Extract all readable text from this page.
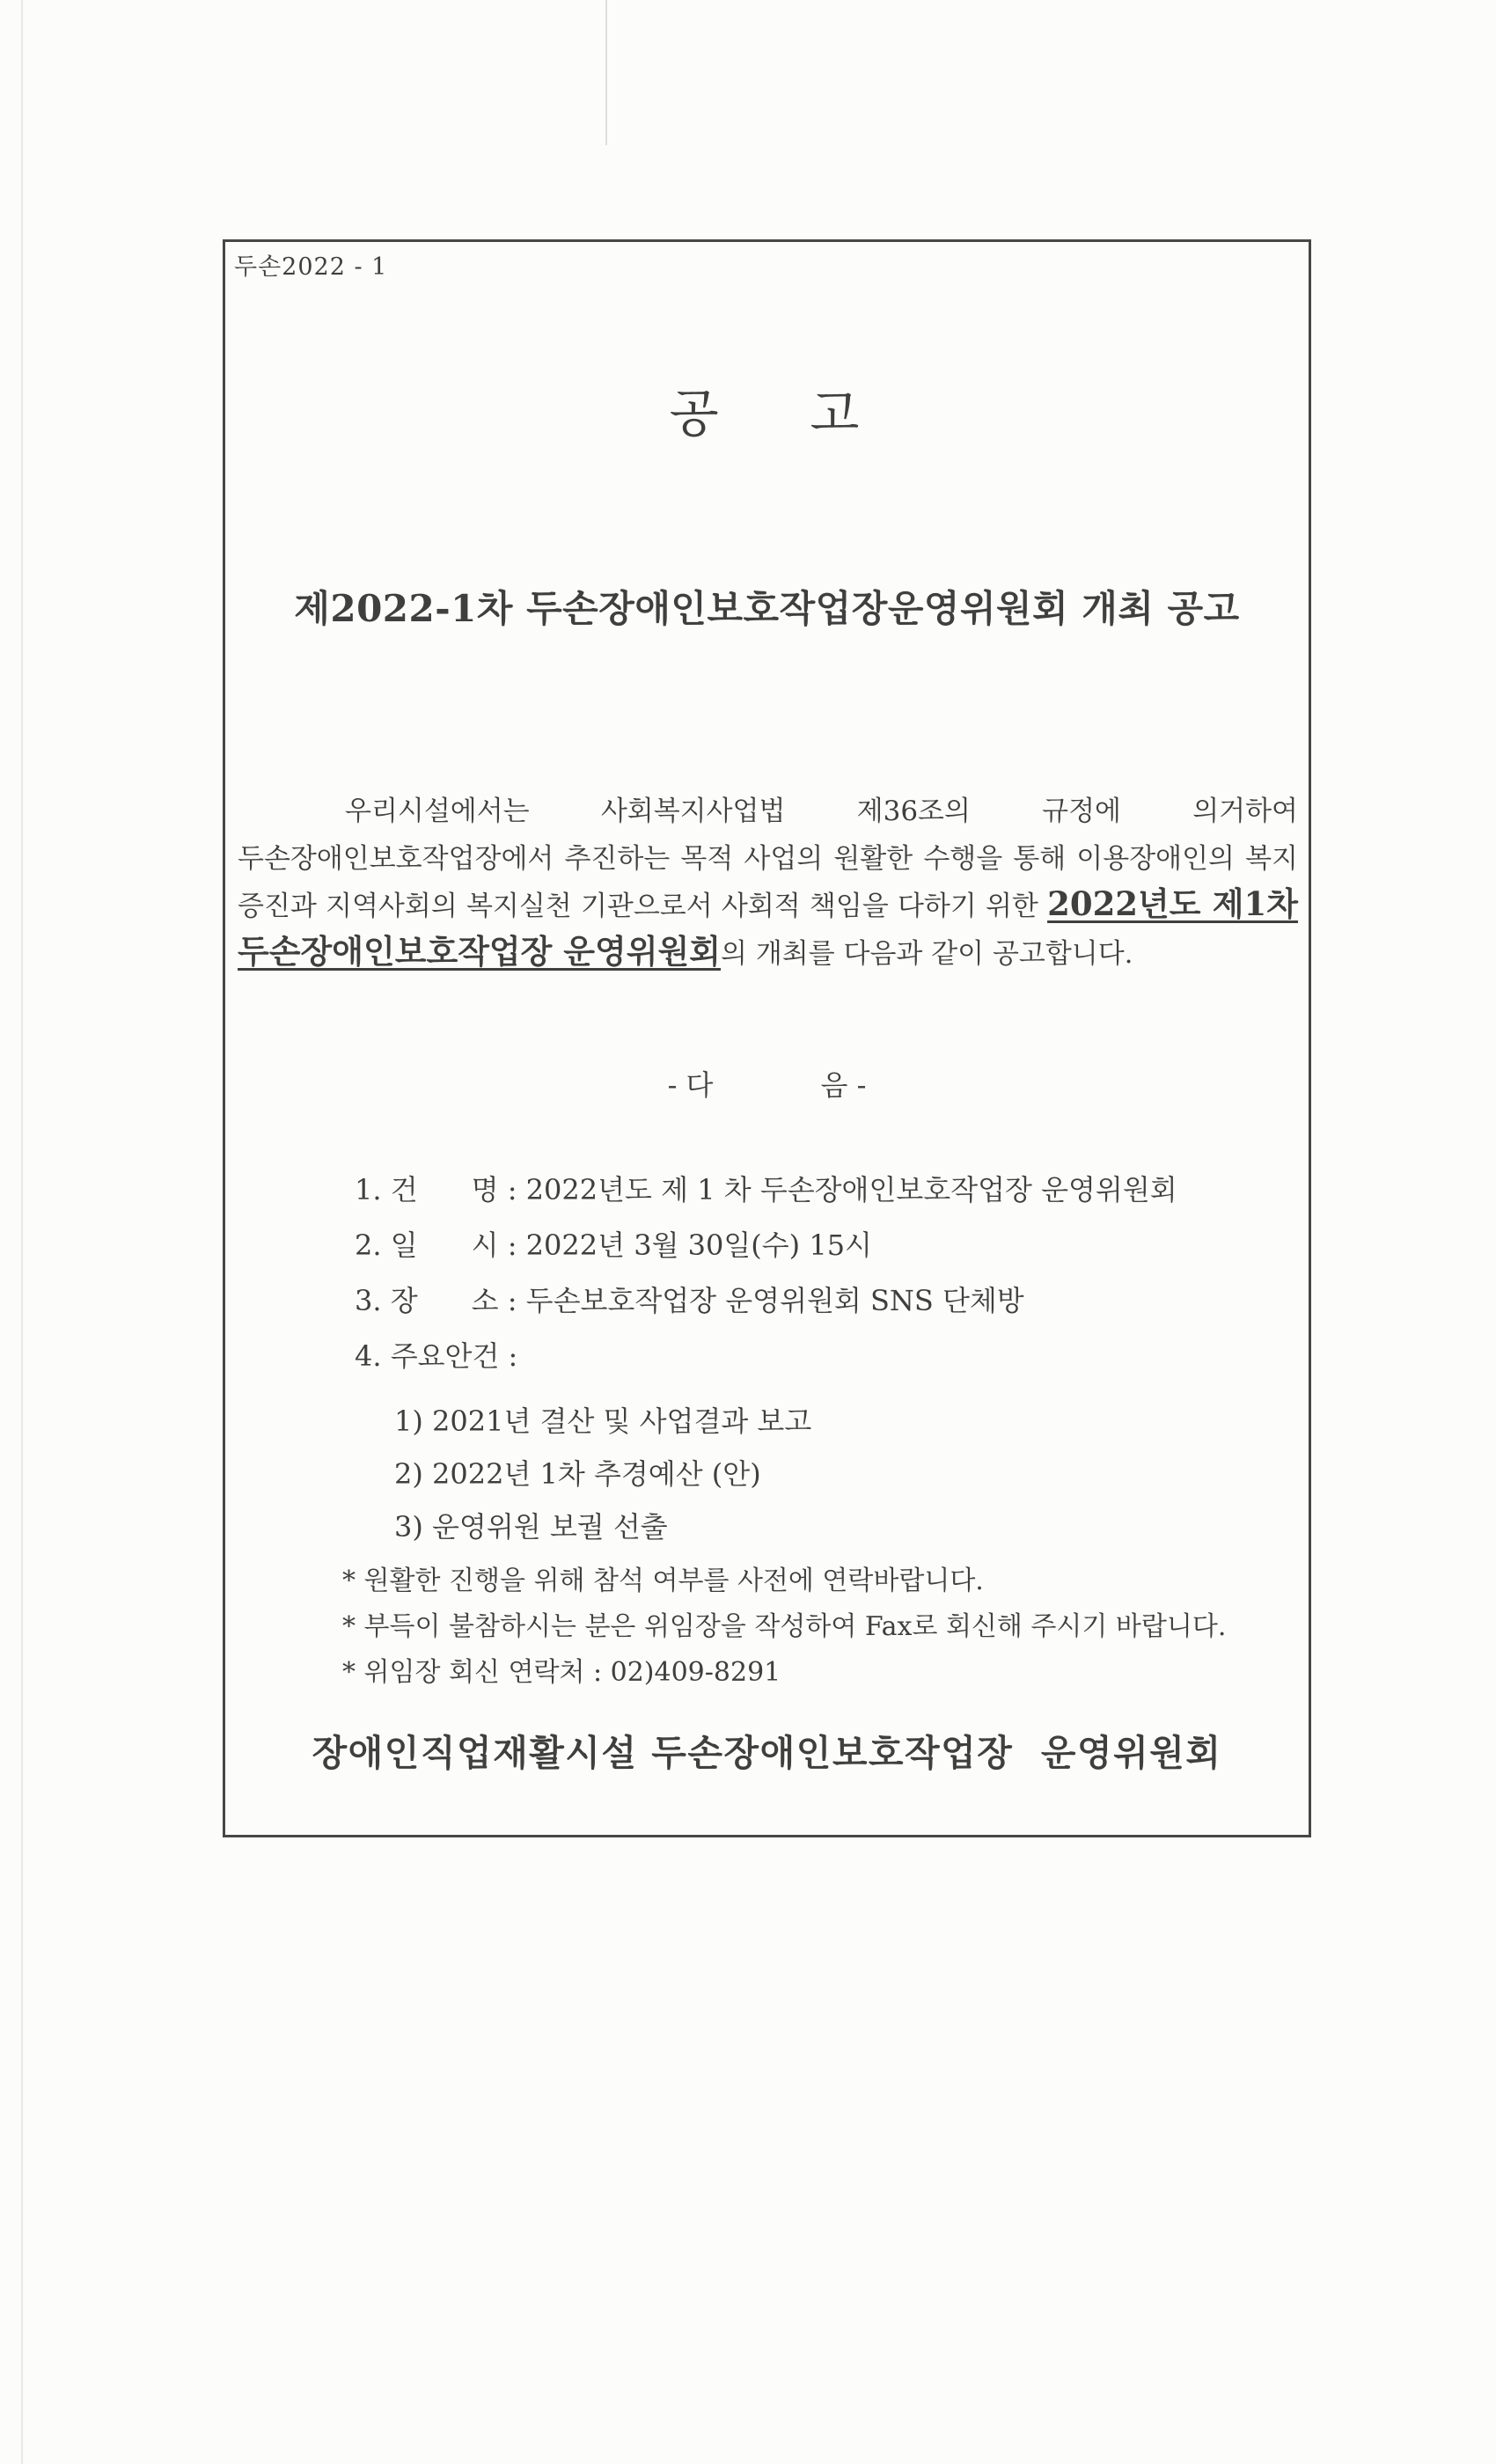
두손2022 - 1
공    고
제2022-1차 두손장애인보호작업장운영위원회 개최 공고

우리시설에서는 사회복지사업법 제36조의 규정에 의거하여 두손장애인보호작업장에서 추진하는 목적 사업의 원활한 수행을 통해 이용장애인의 복지 증진과 지역사회의 복지실천 기관으로서 사회적 책임을 다하기 위한 2022년도 제1차 두손장애인보호작업장 운영위원회의 개최를 다음과 같이 공고합니다.

- 다            음 -
1. 건      명 : 2022년도 제 1 차 두손장애인보호작업장 운영위원회
2. 일      시 : 2022년 3월 30일(수) 15시
3. 장      소 : 두손보호작업장 운영위원회 SNS 단체방
4. 주요안건 :
1) 2021년 결산 및 사업결과 보고
2) 2022년 1차 추경예산 (안)
3) 운영위원 보궐 선출
* 원활한 진행을 위해 참석 여부를 사전에 연락바랍니다.
* 부득이 불참하시는 분은 위임장을 작성하여 Fax로 회신해 주시기 바랍니다.
* 위임장 회신 연락처 : 02)409-8291
장애인직업재활시설 두손장애인보호작업장  운영위원회
